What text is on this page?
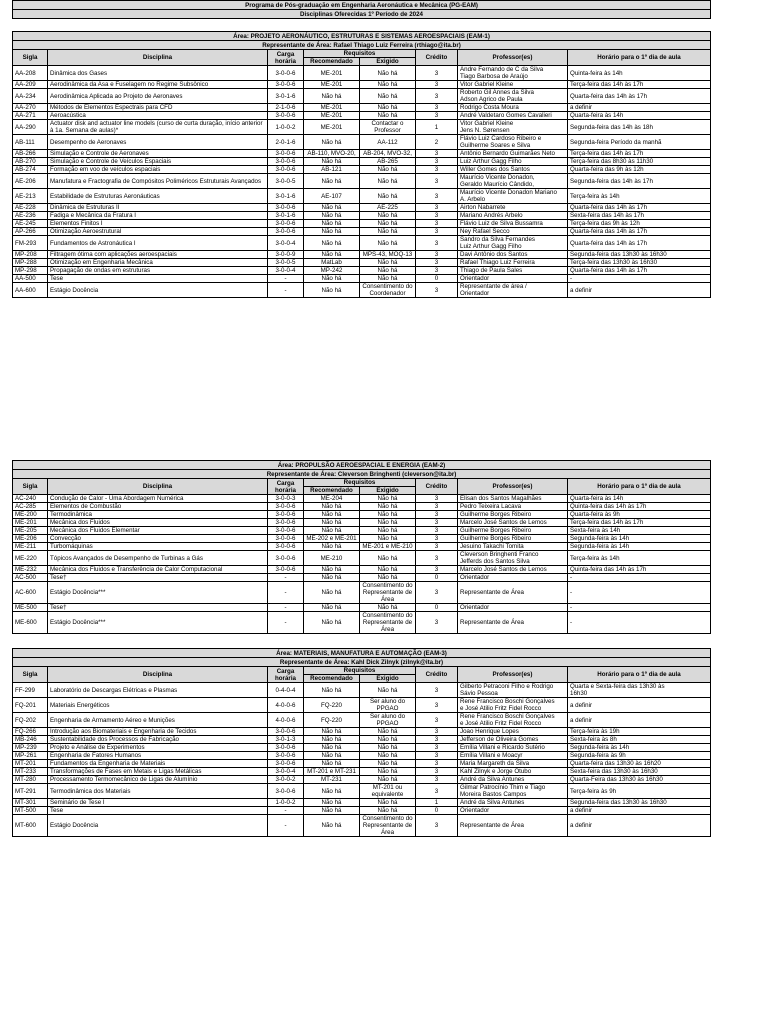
Programa de Pós-graduação em Engenharia Aeronáutica e Mecânica (PG-EAM)							
Disciplinas Oferecidas 1º Período de 2024							

Área: PROJETO AERONÁUTICO, ESTRUTURAS E SISTEMAS AEROESPACIAIS (EAM-1)							
Representante de Área: Rafael Thiago Luiz Ferreira (rthiago@ita.br)							
Sigla	Disciplina	Carga horária	Requisitos		Crédito	Professor(es)	Horário para o 1º dia de aula
			Recomendado	Exigido			
AA-208	Dinâmica dos Gases	3-0-0-6	ME-201	Não há	3	Andre Fernando de C da Silva
Tiago Barbosa de Araújo	Quinta-feira às 14h
AA-209	Aerodinâmica da Asa e Fuselagem no Regime Subsônico	3-0-0-6	ME-201	Não há	3	Vitor Gabriel Kleine	Terça-feira das 14h às 17h
AA-234	Aerodinâmica Aplicada ao Projeto de Aeronaves	3-0-1-6	Não há	Não há	3	Roberto Gil Annes da Silva
Adson Agrico de Paula	Quarta-feira das 14h às 17h
AA-270	Métodos de Elementos Espectrais para CFD	2-1-0-6	ME-201	Não há	3	Rodrigo Costa Moura	a definir
AA-271	Aeroacústica	3-0-0-6	ME-201	Não há	3	André Valdetaro Gomes Cavalieri	Quarta-feira às 14h
AA-290	Actuator disk and actuator line models (curso de curta duração, início anterior à 1a. Semana de aulas)*	1-0-0-2	ME-201	Contactar o Professor	1	Vitor Gabriel Kleine
Jens N. Sørensen	Segunda-feira das 14h às 18h
AB-111	Desempenho de Aeronaves	2-0-1-6	Não há	AA-112	2	Flávio Luiz Cardoso Ribeiro e
Guilherme Soares e Silva	Segunda-feira Período da manhã
AB-266	Simulação e Controle de Aeronaves	3-0-0-6	AB-110, MVO-20,	AB-204, MVO-32,	3	Antônio Bernardo Guimarães Neto	Terça-feira das 14h às 17h
AB-270	Simulação e Controle de Veículos Espaciais	3-0-0-6	Não há	AB-265	3	Luiz Arthur Gagg Filho	Terça-feira das 8h30 às 11h30
AB-274	Formação em voo de veículos espaciais	3-0-0-6	AB-121	Não há	3	Willer Gomes dos Santos	Quarta-feira das 9h às 12h
AE-206	Manufatura e Fractografia de Compósitos Poliméricos Estruturais Avançados	3-0-0-5	Não há	Não há	3	Maurício Vicente Donadon,
Geraldo Maurício Cândido,	Segunda-feira das 14h às 17h
AE-213	Estabilidade de Estruturas Aeronáuticas	3-0-1-6	AE-107	Não há	3	Maurício Vicente Donadon Mariano
A. Arbelo	Terça-feira às 14h
AE-228	Dinâmica de Estruturas II	3-0-0-6	Não há	AE-225	3	Airton Nabarrete	Quarta-feira das 14h às 17h
AE-236	Fadiga e Mecânica da Fratura I	3-0-1-6	Não há	Não há	3	Mariano Andrés Arbelo	Sexta-feira das 14h às 17h
AE-245	Elementos Finitos I	3-0-0-6	Não há	Não há	3	Flávio Luiz de Silva Bussamra	Terça-feira das 9h às 12h
AP-266	Otimização Aeroestrutural	3-0-0-6	Não há	Não há	3	Ney Rafael Secco	Quarta-feira das 14h às 17h
FM-293	Fundamentos de Astronáutica I	3-0-0-4	Não há	Não há	3	Sandro da Silva Fernandes
Luiz Arthur Gagg Filho	Quarta-feira das 14h às 17h
MP-208	Filtragem ótima com aplicações aeroespaciais	3-0-0-9	Não há	MPS-43, MOQ-13	3	Davi Antônio dos Santos	Segunda-feira das 13h30 às 16h30
MP-288	Otimização em Engenharia Mecânica	3-0-0-5	MatLab	Não há	3	Rafael Thiago Luiz Ferreira	Terça-feira das 13h30 às 16h30
MP-298	Propagação de ondas em estruturas	3-0-0-4	MP-242	Não há	3	Thiago de Paula Sales	Quarta-feira das 14h às 17h
AA-500	Tese	-	Não há	Não há	0	Orientador	-
AA-600	Estágio Docência	-	Não há	Consentimento do Coordenador	3	Representante de área /
Orientador	a definir

Área: PROPULSÃO AEROESPACIAL E ENERGIA (EAM-2)							
Representante de Área: Cleverson Bringhenti (cleverson@ita.br)							
Sigla	Disciplina	Carga horária	Requisitos		Crédito	Professor(es)	Horário para o 1º dia de aula
			Recomendado	Exigido			
AC-240	Condução de Calor - Uma Abordagem Numérica	3-0-0-3	ME-204	Não há	3	Elisan dos Santos Magalhães	Quarta-feira às 14h
AC-285	Elementos de Combustão	3-0-0-6	Não há	Não há	3	Pedro Teixeira Lacava	Quinta-feira das 14h às 17h
ME-200	Termodinâmica	3-0-0-6	Não há	Não há	3	Guilherme Borges Ribeiro	Quarta-feira às 9h
ME-201	Mecânica dos Fluidos	3-0-0-6	Não há	Não há	3	Marcelo José Santos de Lemos	Terça-feira das 14h às 17h
ME-205	Mecânica dos Fluidos Elementar	3-0-0-6	Não há	Não há	3	Guilherme Borges Ribeiro	Sexta-feira às 14h
ME-206	Convecção	3-0-0-6	ME-202 e ME-201	Não há	3	Guilherme Borges Ribeiro	Segunda-feira às 14h
ME-211	Turbomáquinas	3-0-0-6	Não há	ME-201 e ME-210	3	Jesuino Takachi Tomita	Segunda-feira às 14h
ME-220	Tópicos Avançados de Desempenho de Turbinas a Gás	3-0-0-6	ME-210	Não há	3	Cleverson Bringhenti Franco
Jefferds dos Santos Silva	Terça-feira às 14h
ME-232	Mecânica dos Fluidos e Transferência de Calor Computacional	3-0-0-6	Não há	Não há	3	Marcelo José Santos de Lemos	Quinta-feira das 14h às 17h
AC-500	Tese†	-	Não há	Não há	0	Orientador	-
AC-600	Estágio Docência***	-	Não há	Consentimento do Representante de Área	3	Representante de Área	-
ME-500	Tese†	-	Não há	Não há	0	Orientador	-
ME-600	Estágio Docência***	-	Não há	Consentimento do Representante de Área	3	Representante de Área	-

Área: MATERIAIS, MANUFATURA E AUTOMAÇÃO (EAM-3)							
Representante de Área: Kahl Dick Zilnyk (zilnyk@ita.br)							
Sigla	Disciplina	Carga horária	Requisitos		Crédito	Professor(es)	Horário para o 1º dia de aula
			Recomendado	Exigido			
FF-299	Laboratório de Descargas Elétricas e Plasmas	0-4-0-4	Não há	Não há	3	Gilberto Petraconi Filho e Rodrigo
Sávio Pessoa	Quarta e Sexta-feira das 13h30 às
16h30
FQ-201	Materiais Energéticos	4-0-0-6	FQ-220	Ser aluno do PPGAO	3	Rene Francisco Boschi Gonçalves
e José Atilio Fritz Fidel Rocco	a definir
FQ-202	Engenharia de Armamento Aéreo e Munições	4-0-0-6	FQ-220	Ser aluno do PPGAO	3	Rene Francisco Boschi Gonçalves
e José Atilio Fritz Fidel Rocco	a definir
FQ-266	Introdução aos Biomateriais e Engenharia de Tecidos	3-0-0-6	Não há	Não há	3	Joao Henrique Lopes	Terça-feira às 19h
MB-246	Sustentabilidade dos Processos de Fabricação	3-0-1-3	Não há	Não há	3	Jefferson de Oliveira Gomes	Sexta-feira às 8h
MP-239	Projeto e Análise de Experimentos	3-0-0-6	Não há	Não há	3	Emília Villani e Ricardo Sutério	Segunda-feira às 14h
MP-261	Engenharia de Fatores Humanos	3-0-0-6	Não há	Não há	3	Emília Villani e Moacyr	Segunda-feira às 9h
MT-201	Fundamentos da Engenharia de Materiais	3-0-0-6	Não há	Não há	3	Maria Margareth da Silva	Quarta-feira das 13h30 às 16h20
MT-233	Transformações de Fases em Metais e Ligas Metálicas	3-0-0-4	MT-201 e MT-231	Não há	3	Kahl Zilnyk e Jorge Otubo	Sexta-feira das 13h30 às 16h30
MT-280	Processamento Termomecânico de Ligas de Alumínio	3-0-0-2	MT-231	Não há	3	André da Silva Antunes	Quarta-Feira das 13h30 às 16h30
MT-291	Termodinâmica dos Materiais	3-0-0-6	Não há	MT-201 ou equivalente	3	Gilmar Patrocínio Thim e Tiago
Moreira Bastos Campos	Terça-feira às 9h
MT-301	Seminário de Tese I	1-0-0-2	Não há	Não há	1	André da Silva Antunes	Segunda-feira das 13h30 às 16h30
MT-500	Tese	-	Não há	Não há	0	Orientador	a definir
MT-600	Estágio Docência	-	Não há	Consentimento do Representante de Área	3	Representante de Área	a definir
